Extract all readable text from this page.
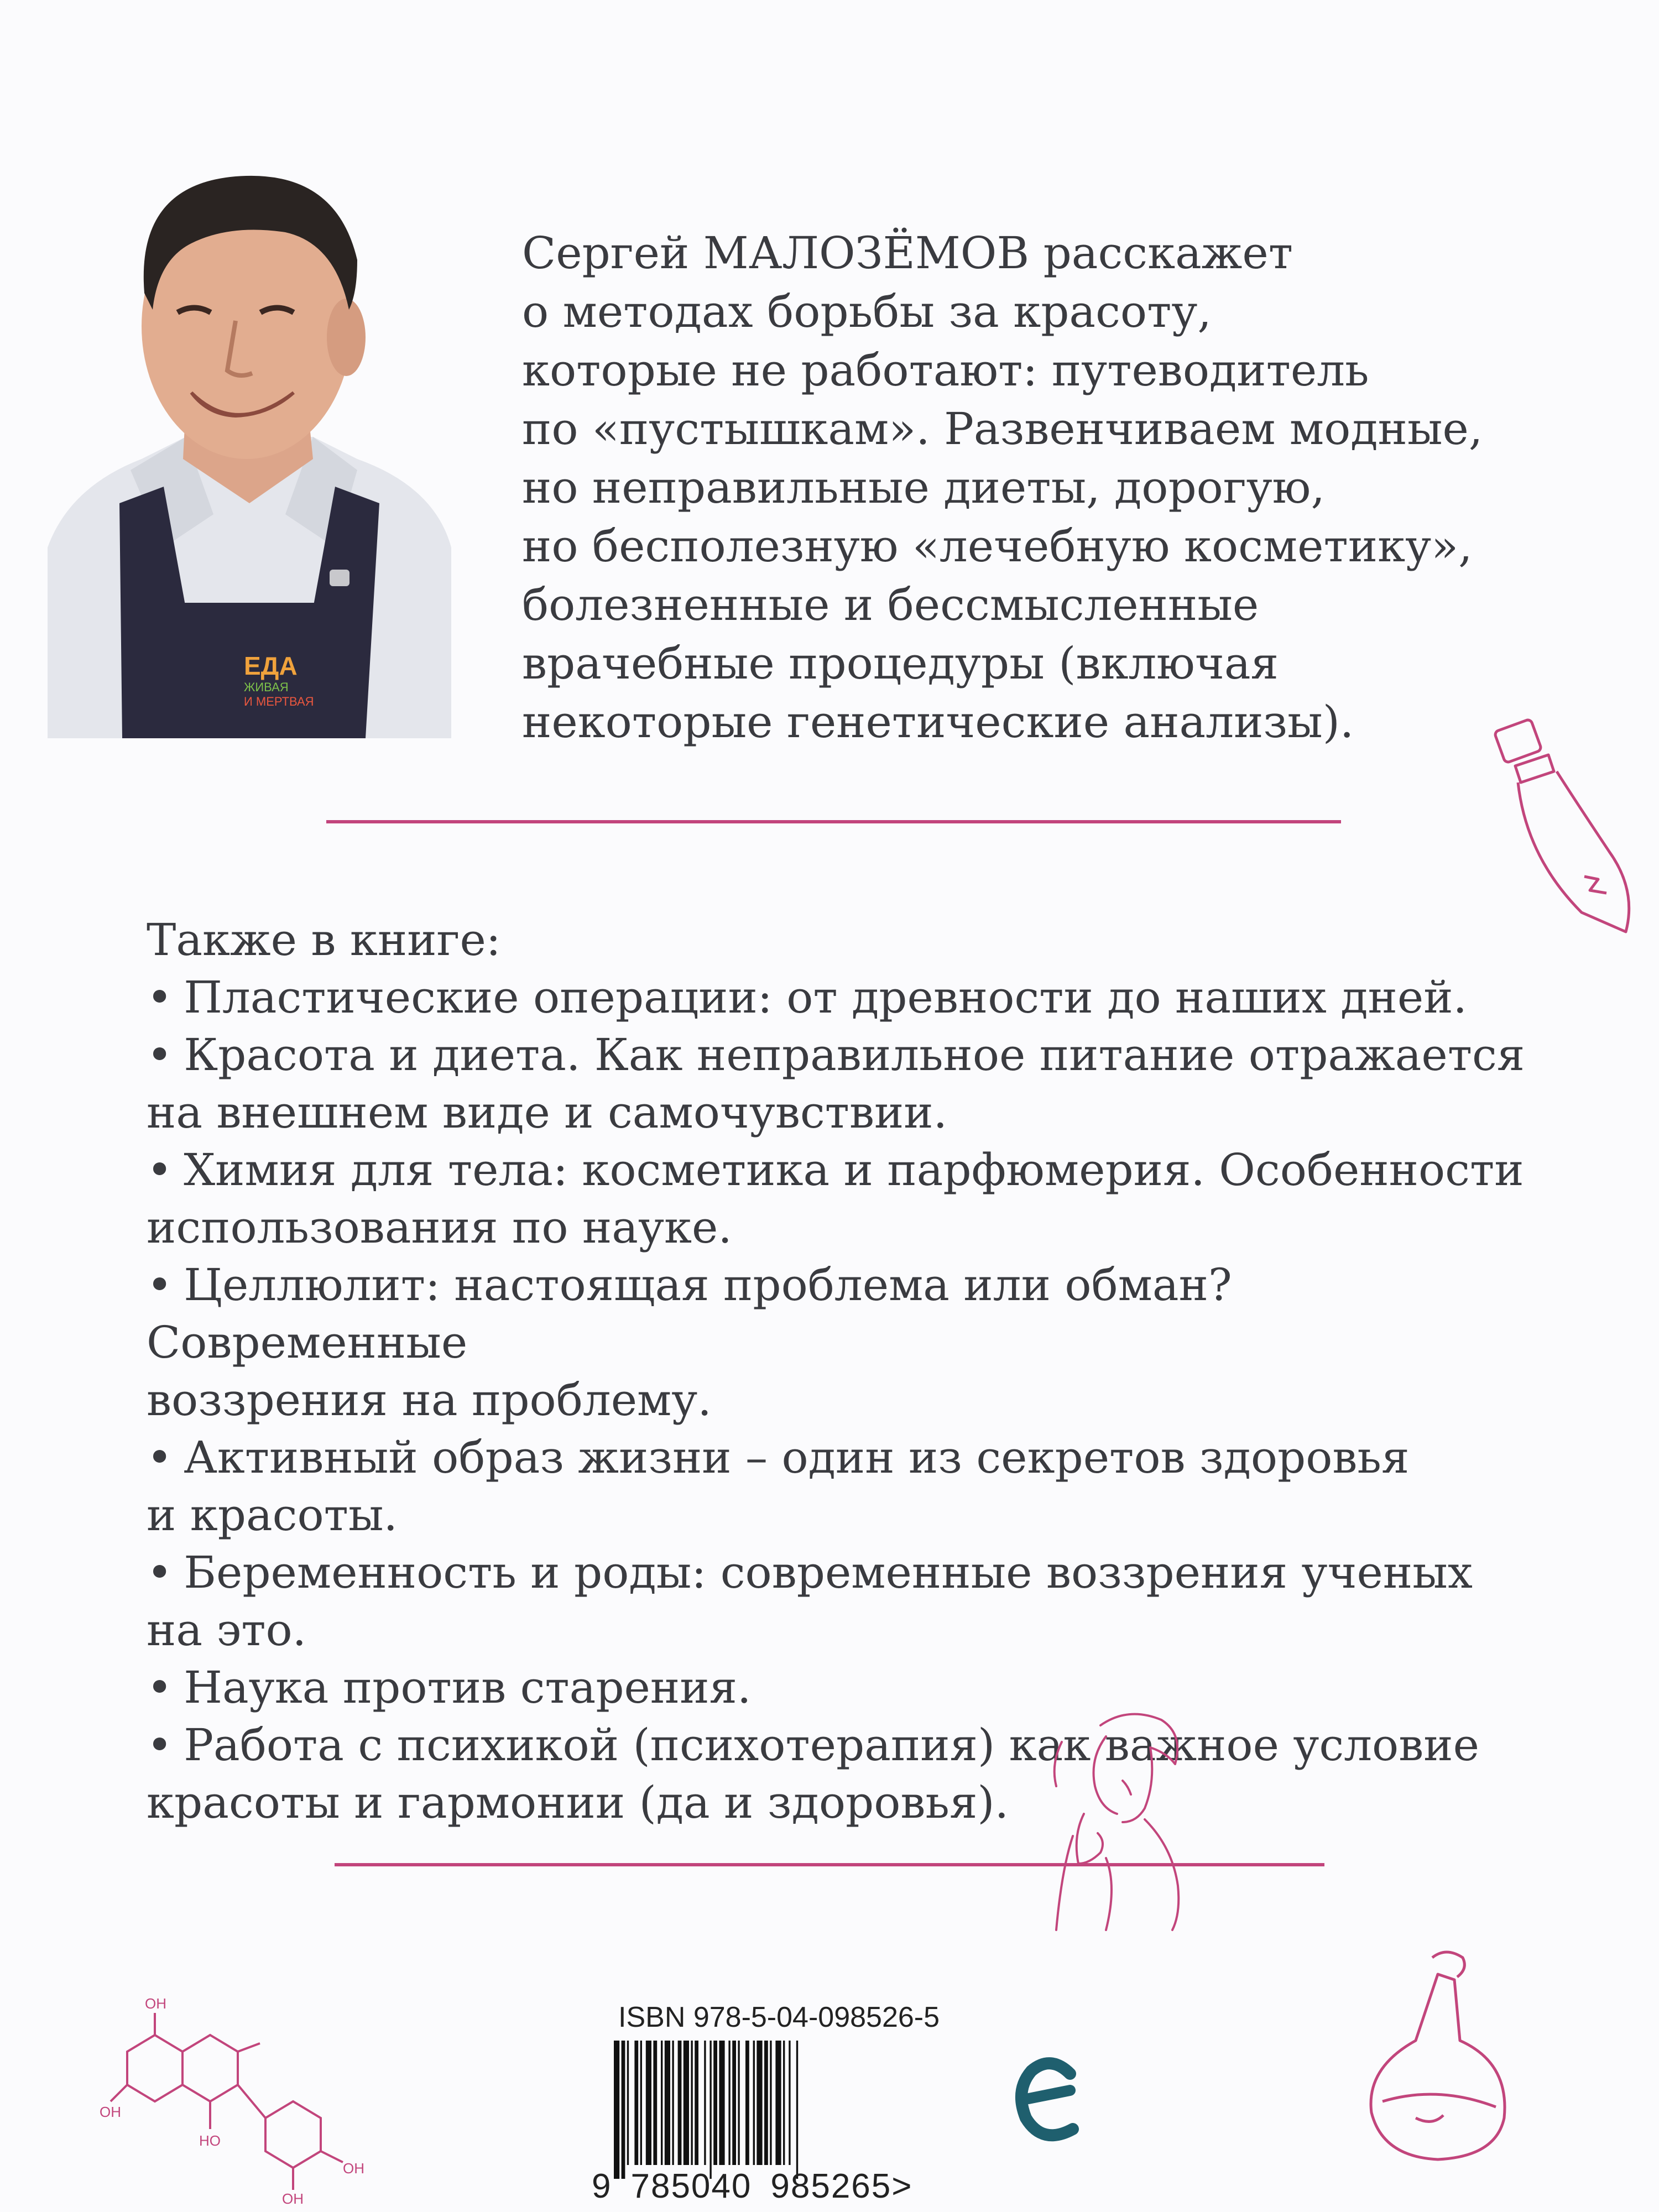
ЕДА
ЖИВАЯ
И МЕРТВАЯ

Сергей МАЛОЗЁМОВ расскажет
о методах борьбы за красоту,
которые не работают: путеводитель
по «пустышкам». Развенчиваем модные,
но неправильные диеты, дорогую,
но бесполезную «лечебную косметику»,
болезненные и бессмысленные
врачебные процедуры (включая
некоторые генетические анализы).

Также в книге:
• Пластические операции: от древности до наших дней.
• Красота и диета. Как неправильное питание отражается
на внешнем виде и самочувствии.
• Химия для тела: косметика и парфюмерия. Особенности
использования по науке.
• Целлюлит: настоящая проблема или обман? Современные
воззрения на проблему.
• Активный образ жизни – один из секретов здоровья
и красоты.
• Беременность и роды: современные воззрения ученых на это.
• Наука против старения.
• Работа с психикой (психотерапия) как важное условие
красоты и гармонии (да и здоровья).
OH
OH
HO
OH
OH
ISBN 978-5-04-098526-5
9 785040 985265>
